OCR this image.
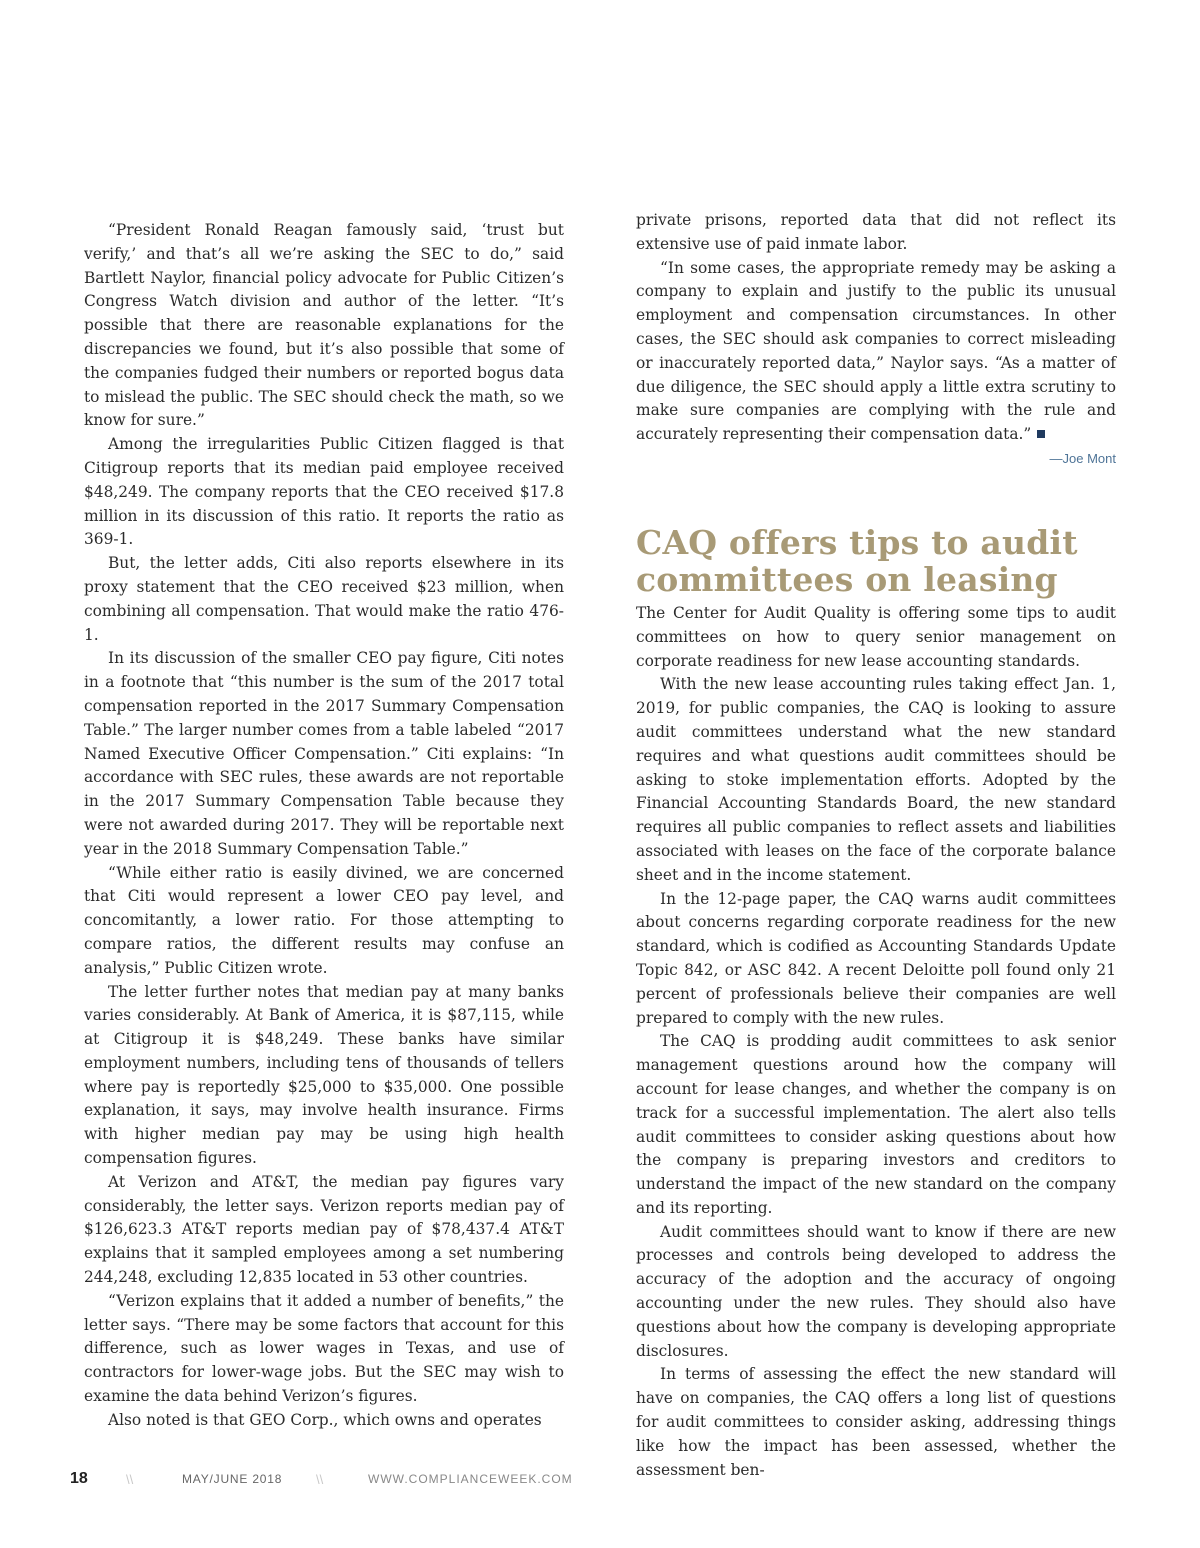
“President Ronald Reagan famously said, ‘trust but verify,’ and that’s all we’re asking the SEC to do,” said Bartlett Naylor, financial policy advocate for Public Citizen’s Congress Watch division and author of the letter. “It’s possible that there are reasonable explanations for the discrepancies we found, but it’s also possible that some of the companies fudged their numbers or reported bogus data to mislead the public. The SEC should check the math, so we know for sure.”

Among the irregularities Public Citizen flagged is that Citigroup reports that its median paid employee received $48,249. The company reports that the CEO received $17.8 million in its discussion of this ratio. It reports the ratio as 369-1.

But, the letter adds, Citi also reports elsewhere in its proxy statement that the CEO received $23 million, when combining all compensation. That would make the ratio 476-1.

In its discussion of the smaller CEO pay figure, Citi notes in a footnote that “this number is the sum of the 2017 total compensation reported in the 2017 Summary Compensation Table.” The larger number comes from a table labeled “2017 Named Executive Officer Compensation.” Citi explains: “In accordance with SEC rules, these awards are not reportable in the 2017 Summary Compensation Table because they were not awarded during 2017. They will be reportable next year in the 2018 Summary Compensation Table.”

“While either ratio is easily divined, we are concerned that Citi would represent a lower CEO pay level, and concomitantly, a lower ratio. For those attempting to compare ratios, the different results may confuse an analysis,” Public Citizen wrote.

The letter further notes that median pay at many banks varies considerably. At Bank of America, it is $87,115, while at Citigroup it is $48,249. These banks have similar employment numbers, including tens of thousands of tellers where pay is reportedly $25,000 to $35,000. One possible explanation, it says, may involve health insurance. Firms with higher median pay may be using high health compensation figures.

At Verizon and AT&T, the median pay figures vary considerably, the letter says. Verizon reports median pay of $126,623.3 AT&T reports median pay of $78,437.4 AT&T explains that it sampled employees among a set numbering 244,248, excluding 12,835 located in 53 other countries.

“Verizon explains that it added a number of benefits,” the letter says. “There may be some factors that account for this difference, such as lower wages in Texas, and use of contractors for lower-wage jobs. But the SEC may wish to examine the data behind Verizon’s figures.

Also noted is that GEO Corp., which owns and operates

private prisons, reported data that did not reflect its extensive use of paid inmate labor.

“In some cases, the appropriate remedy may be asking a company to explain and justify to the public its unusual employment and compensation circumstances. In other cases, the SEC should ask companies to correct misleading or inaccurately reported data,” Naylor says. “As a matter of due diligence, the SEC should apply a little extra scrutiny to make sure companies are complying with the rule and accurately representing their compensation data.”

—Joe Mont
CAQ offers tips to audit committees on leasing

The Center for Audit Quality is offering some tips to audit committees on how to query senior management on corporate readiness for new lease accounting standards.

With the new lease accounting rules taking effect Jan. 1, 2019, for public companies, the CAQ is looking to assure audit committees understand what the new standard requires and what questions audit committees should be asking to stoke implementation efforts. Adopted by the Financial Accounting Standards Board, the new standard requires all public companies to reflect assets and liabilities associated with leases on the face of the corporate balance sheet and in the income statement.

In the 12-page paper, the CAQ warns audit committees about concerns regarding corporate readiness for the new standard, which is codified as Accounting Standards Update Topic 842, or ASC 842. A recent Deloitte poll found only 21 percent of professionals believe their companies are well prepared to comply with the new rules.

The CAQ is prodding audit committees to ask senior management questions around how the company will account for lease changes, and whether the company is on track for a successful implementation. The alert also tells audit committees to consider asking questions about how the company is preparing investors and creditors to understand the impact of the new standard on the company and its reporting.

Audit committees should want to know if there are new processes and controls being developed to address the accuracy of the adoption and the accuracy of ongoing accounting under the new rules. They should also have questions about how the company is developing appropriate disclosures.

In terms of assessing the effect the new standard will have on companies, the CAQ offers a long list of questions for audit committees to consider asking, addressing things like how the impact has been assessed, whether the assessment ben-

18	\\	MAY/JUNE 2018	\\	WWW.COMPLIANCEWEEK.COM
